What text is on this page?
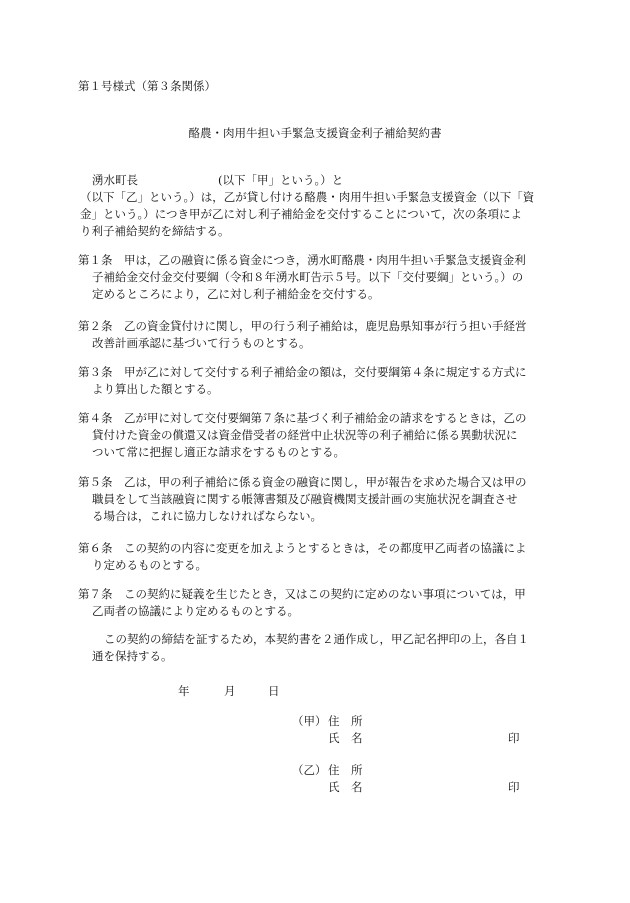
第１号様式（第３条関係）
酪農・肉用牛担い手緊急支援資金利子補給契約書
湧水町長	(以下「甲」という。）と
（以下「乙」という。）は，乙が貸し付ける酪農・肉用牛担い手緊急支援資金（以下「資
金」という。）につき甲が乙に対し利子補給金を交付することについて，次の条項によ
り利子補給契約を締結する。
第１条　甲は，乙の融資に係る資金につき，湧水町酪農・肉用牛担い手緊急支援資金利
子補給金交付金交付要綱（令和８年湧水町告示５号。以下「交付要綱」という。）の
定めるところにより，乙に対し利子補給金を交付する。
第２条　乙の資金貸付けに関し，甲の行う利子補給は，鹿児島県知事が行う担い手経営
改善計画承認に基づいて行うものとする。
第３条　甲が乙に対して交付する利子補給金の額は，交付要綱第４条に規定する方式に
より算出した額とする。
第４条　乙が甲に対して交付要綱第７条に基づく利子補給金の請求をするときは，乙の
貸付けた資金の償還又は資金借受者の経営中止状況等の利子補給に係る異動状況に
ついて常に把握し適正な請求をするものとする。
第５条　乙は，甲の利子補給に係る資金の融資に関し，甲が報告を求めた場合又は甲の
職員をして当該融資に関する帳簿書類及び融資機関支援計画の実施状況を調査させ
る場合は，これに協力しなければならない。
第６条　この契約の内容に変更を加えようとするときは，その都度甲乙両者の協議によ
り定めるものとする。
第７条　この契約に疑義を生じたとき，又はこの契約に定めのない事項については，甲
乙両者の協議により定めるものとする。
この契約の締結を証するため，本契約書を２通作成し，甲乙記名押印の上，各自１
通を保持する。
年	月	日
（甲） 住　所
氏　名	印
（乙） 住　所
氏　名	印
